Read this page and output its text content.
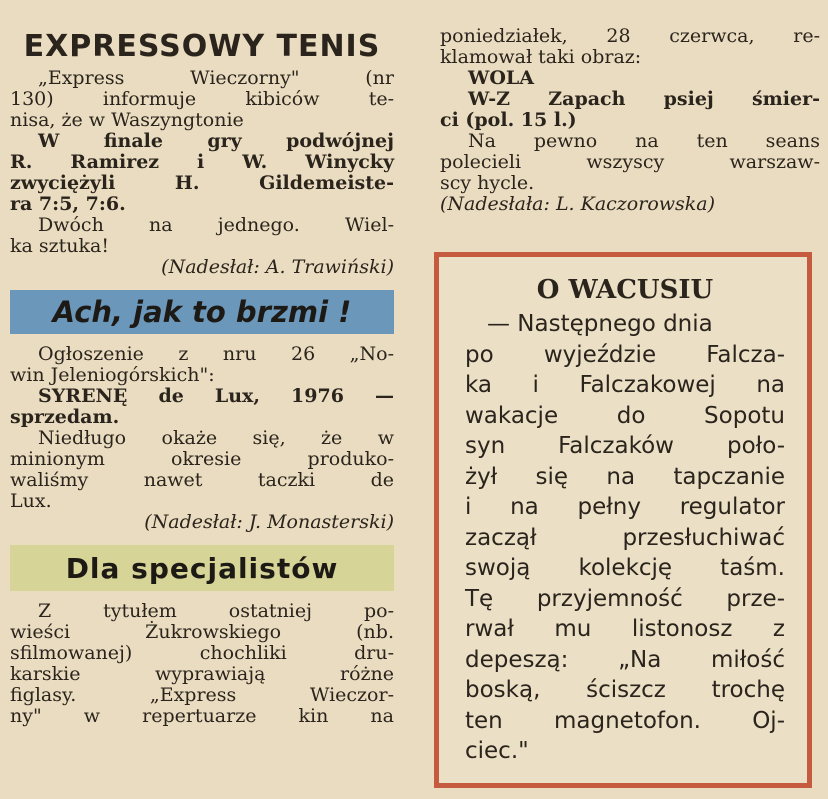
EXPRESSOWY TENIS
„Express Wieczorny" (nr
130) informuje kibiców te-
nisa, że w Waszyngtonie
W finale gry podwójnej
R. Ramirez i W. Winycky
zwyciężyli H. Gildemeiste-
ra 7:5, 7:6.
Dwóch na jednego. Wiel-
ka sztuka!
(Nadesłał: A. Trawiński)
Ach, jak to brzmi !
Ogłoszenie z nru 26 „No-
win Jeleniogórskich":
SYRENĘ de Lux, 1976 —
sprzedam.
Niedługo okaże się, że w
minionym okresie produko-
waliśmy nawet taczki de
Lux.
(Nadesłał: J. Monasterski)
Dla specjalistów
Z tytułem ostatniej po-
wieści Żukrowskiego (nb.
sfilmowanej) chochliki dru-
karskie wyprawiają różne
figlasy. „Express Wieczor-
ny" w repertuarze kin na
poniedziałek, 28 czerwca, re-
klamował taki obraz:
WOLA
W-Z Zapach psiej śmier-
ci (pol. 15 l.)
Na pewno na ten seans
polecieli wszyscy warszaw-
scy hycle.
(Nadesłała: L. Kaczorowska)
O WACUSIU
— Następnego dnia
po wyjeździe Falcza-
ka i Falczakowej na
wakacje do Sopotu
syn Falczaków poło-
żył się na tapczanie
i na pełny regulator
zaczął przesłuchiwać
swoją kolekcję taśm.
Tę przyjemność prze-
rwał mu listonosz z
depeszą: „Na miłość
boską, ściszcz trochę
ten magnetofon. Oj-
ciec."
